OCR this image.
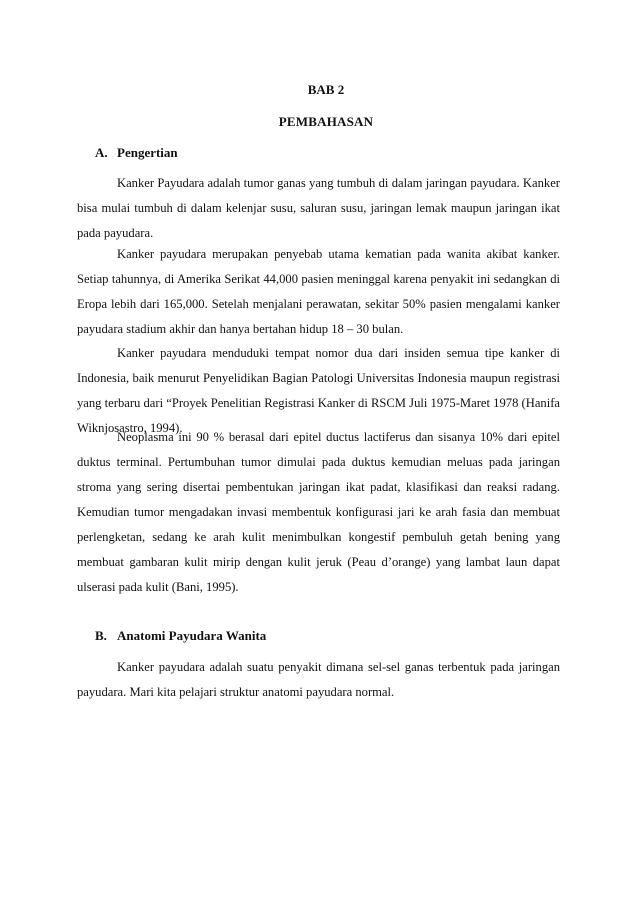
BAB 2
PEMBAHASAN
A. Pengertian

Kanker Payudara adalah tumor ganas yang tumbuh di dalam jaringan payudara. Kanker bisa mulai tumbuh di dalam kelenjar susu, saluran susu, jaringan lemak maupun jaringan ikat pada payudara.

Kanker payudara merupakan penyebab utama kematian pada wanita akibat kanker. Setiap tahunnya, di Amerika Serikat 44,000 pasien meninggal karena penyakit ini sedangkan di Eropa lebih dari 165,000. Setelah menjalani perawatan, sekitar 50% pasien mengalami kanker payudara stadium akhir dan hanya bertahan hidup 18 – 30 bulan.

Kanker payudara menduduki tempat nomor dua dari insiden semua tipe kanker di Indonesia, baik menurut Penyelidikan Bagian Patologi Universitas Indonesia maupun registrasi yang terbaru dari “Proyek Penelitian Registrasi Kanker di RSCM Juli 1975-Maret 1978 (Hanifa Wiknjosastro, 1994).

Neoplasma ini 90 % berasal dari epitel ductus lactiferus dan sisanya 10% dari epitel duktus terminal. Pertumbuhan tumor dimulai pada duktus kemudian meluas pada jaringan stroma yang sering disertai pembentukan jaringan ikat padat, klasifikasi dan reaksi radang. Kemudian tumor mengadakan invasi membentuk konfigurasi jari ke arah fasia dan membuat perlengketan, sedang ke arah kulit menimbulkan kongestif pembuluh getah bening yang membuat gambaran kulit mirip dengan kulit jeruk (Peau d’orange) yang lambat laun dapat ulserasi pada kulit (Bani, 1995).

B. Anatomi Payudara Wanita

Kanker payudara adalah suatu penyakit dimana sel-sel ganas terbentuk pada jaringan payudara. Mari kita pelajari struktur anatomi payudara normal.
